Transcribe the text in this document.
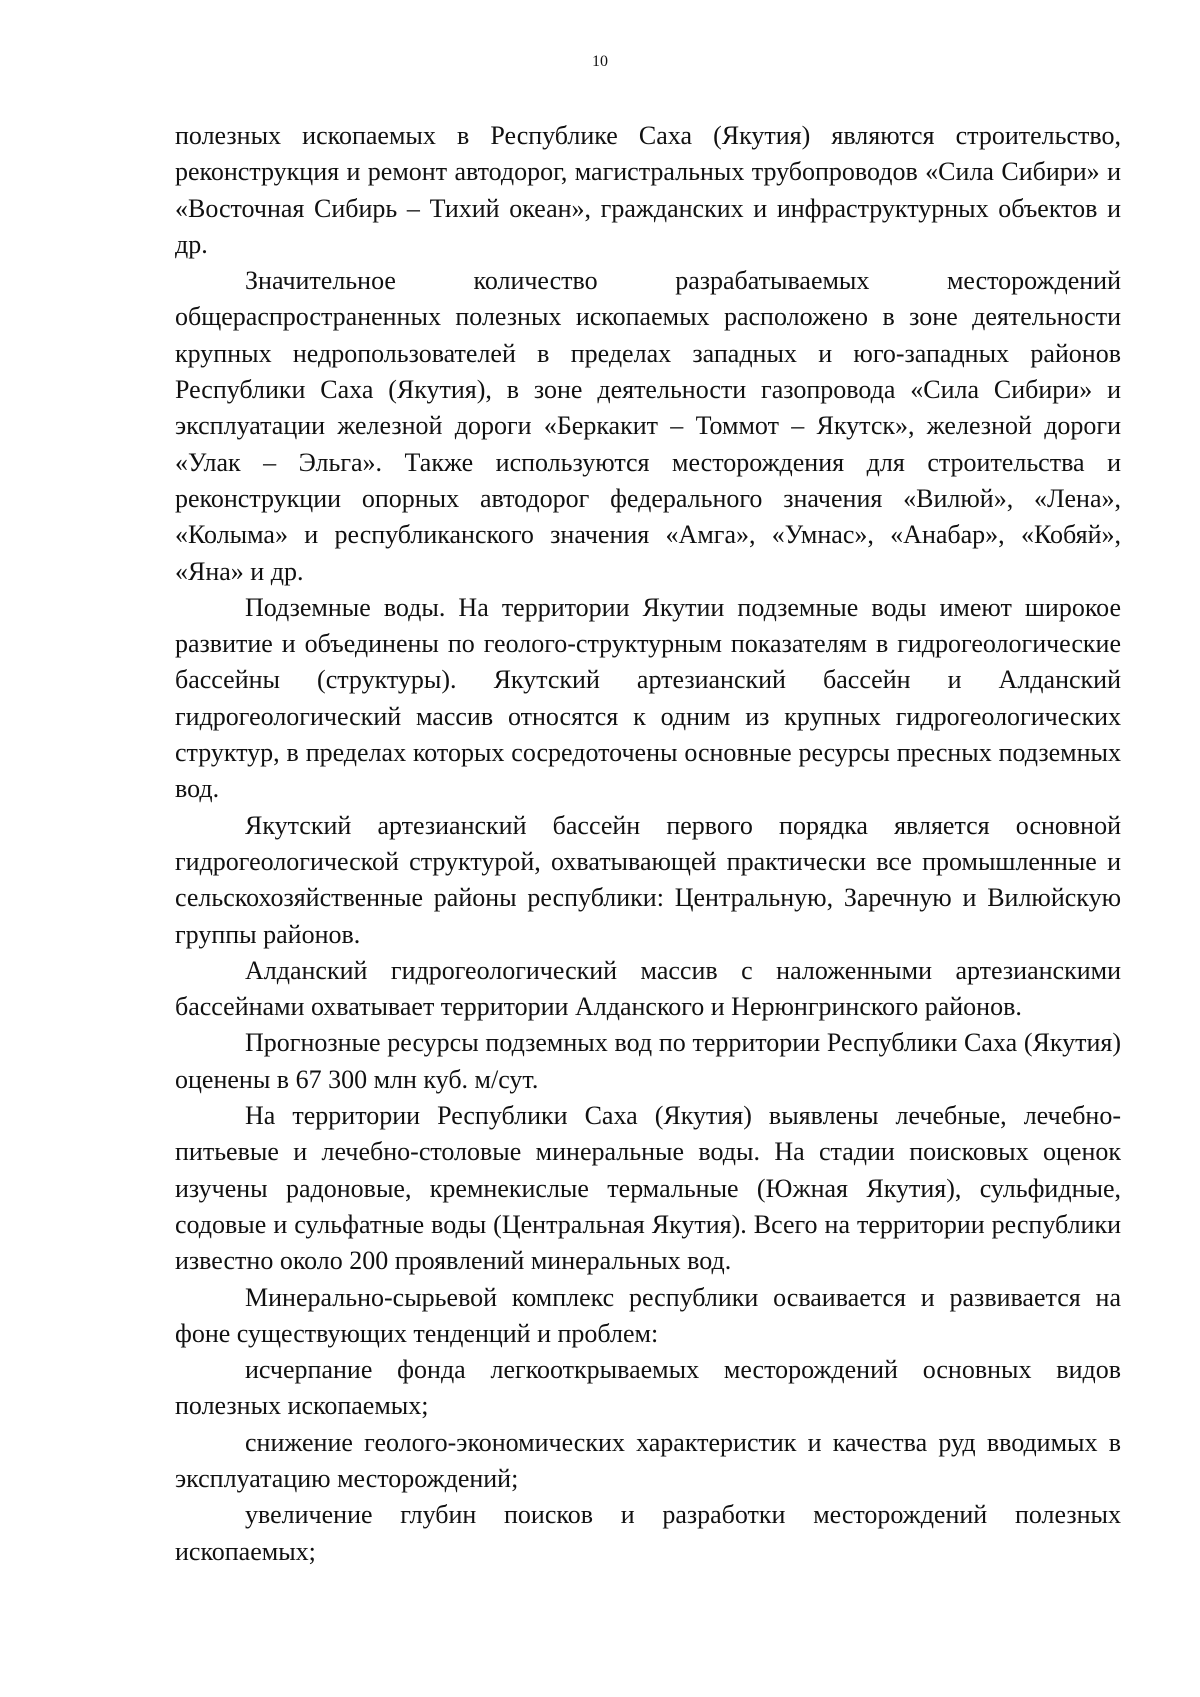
10

полезных ископаемых в Республике Саха (Якутия) являются строительство, реконструкция и ремонт автодорог, магистральных трубопроводов «Сила Сибири» и «Восточная Сибирь – Тихий океан», гражданских и инфраструктурных объектов и др.

Значительное количество разрабатываемых месторождений общераспространенных полезных ископаемых расположено в зоне деятельности крупных недропользователей в пределах западных и юго-западных районов Республики Саха (Якутия), в зоне деятельности газопровода «Сила Сибири» и эксплуатации железной дороги «Беркакит – Томмот – Якутск», железной дороги «Улак – Эльга». Также используются месторождения для строительства и реконструкции опорных автодорог федерального значения «Вилюй», «Лена», «Колыма» и республиканского значения «Амга», «Умнас», «Анабар», «Кобяй», «Яна» и др.

Подземные воды. На территории Якутии подземные воды имеют широкое развитие и объединены по геолого-структурным показателям в гидрогеологические бассейны (структуры). Якутский артезианский бассейн и Алданский гидрогеологический массив относятся к одним из крупных гидрогеологических структур, в пределах которых сосредоточены основные ресурсы пресных подземных вод.

Якутский артезианский бассейн первого порядка является основной гидрогеологической структурой, охватывающей практически все промышленные и сельскохозяйственные районы республики: Центральную, Заречную и Вилюйскую группы районов.

Алданский гидрогеологический массив с наложенными артезианскими бассейнами охватывает территории Алданского и Нерюнгринского районов.

Прогнозные ресурсы подземных вод по территории Республики Саха (Якутия) оценены в 67 300 млн куб. м/сут.

На территории Республики Саха (Якутия) выявлены лечебные, лечебно-питьевые и лечебно-столовые минеральные воды. На стадии поисковых оценок изучены радоновые, кремнекислые термальные (Южная Якутия), сульфидные, содовые и сульфатные воды (Центральная Якутия). Всего на территории республики известно около 200 проявлений минеральных вод.

Минерально-сырьевой комплекс республики осваивается и развивается на фоне существующих тенденций и проблем:

исчерпание фонда легкооткрываемых месторождений основных видов полезных ископаемых;

снижение геолого-экономических характеристик и качества руд вводимых в эксплуатацию месторождений;

увеличение глубин поисков и разработки месторождений полезных ископаемых;
